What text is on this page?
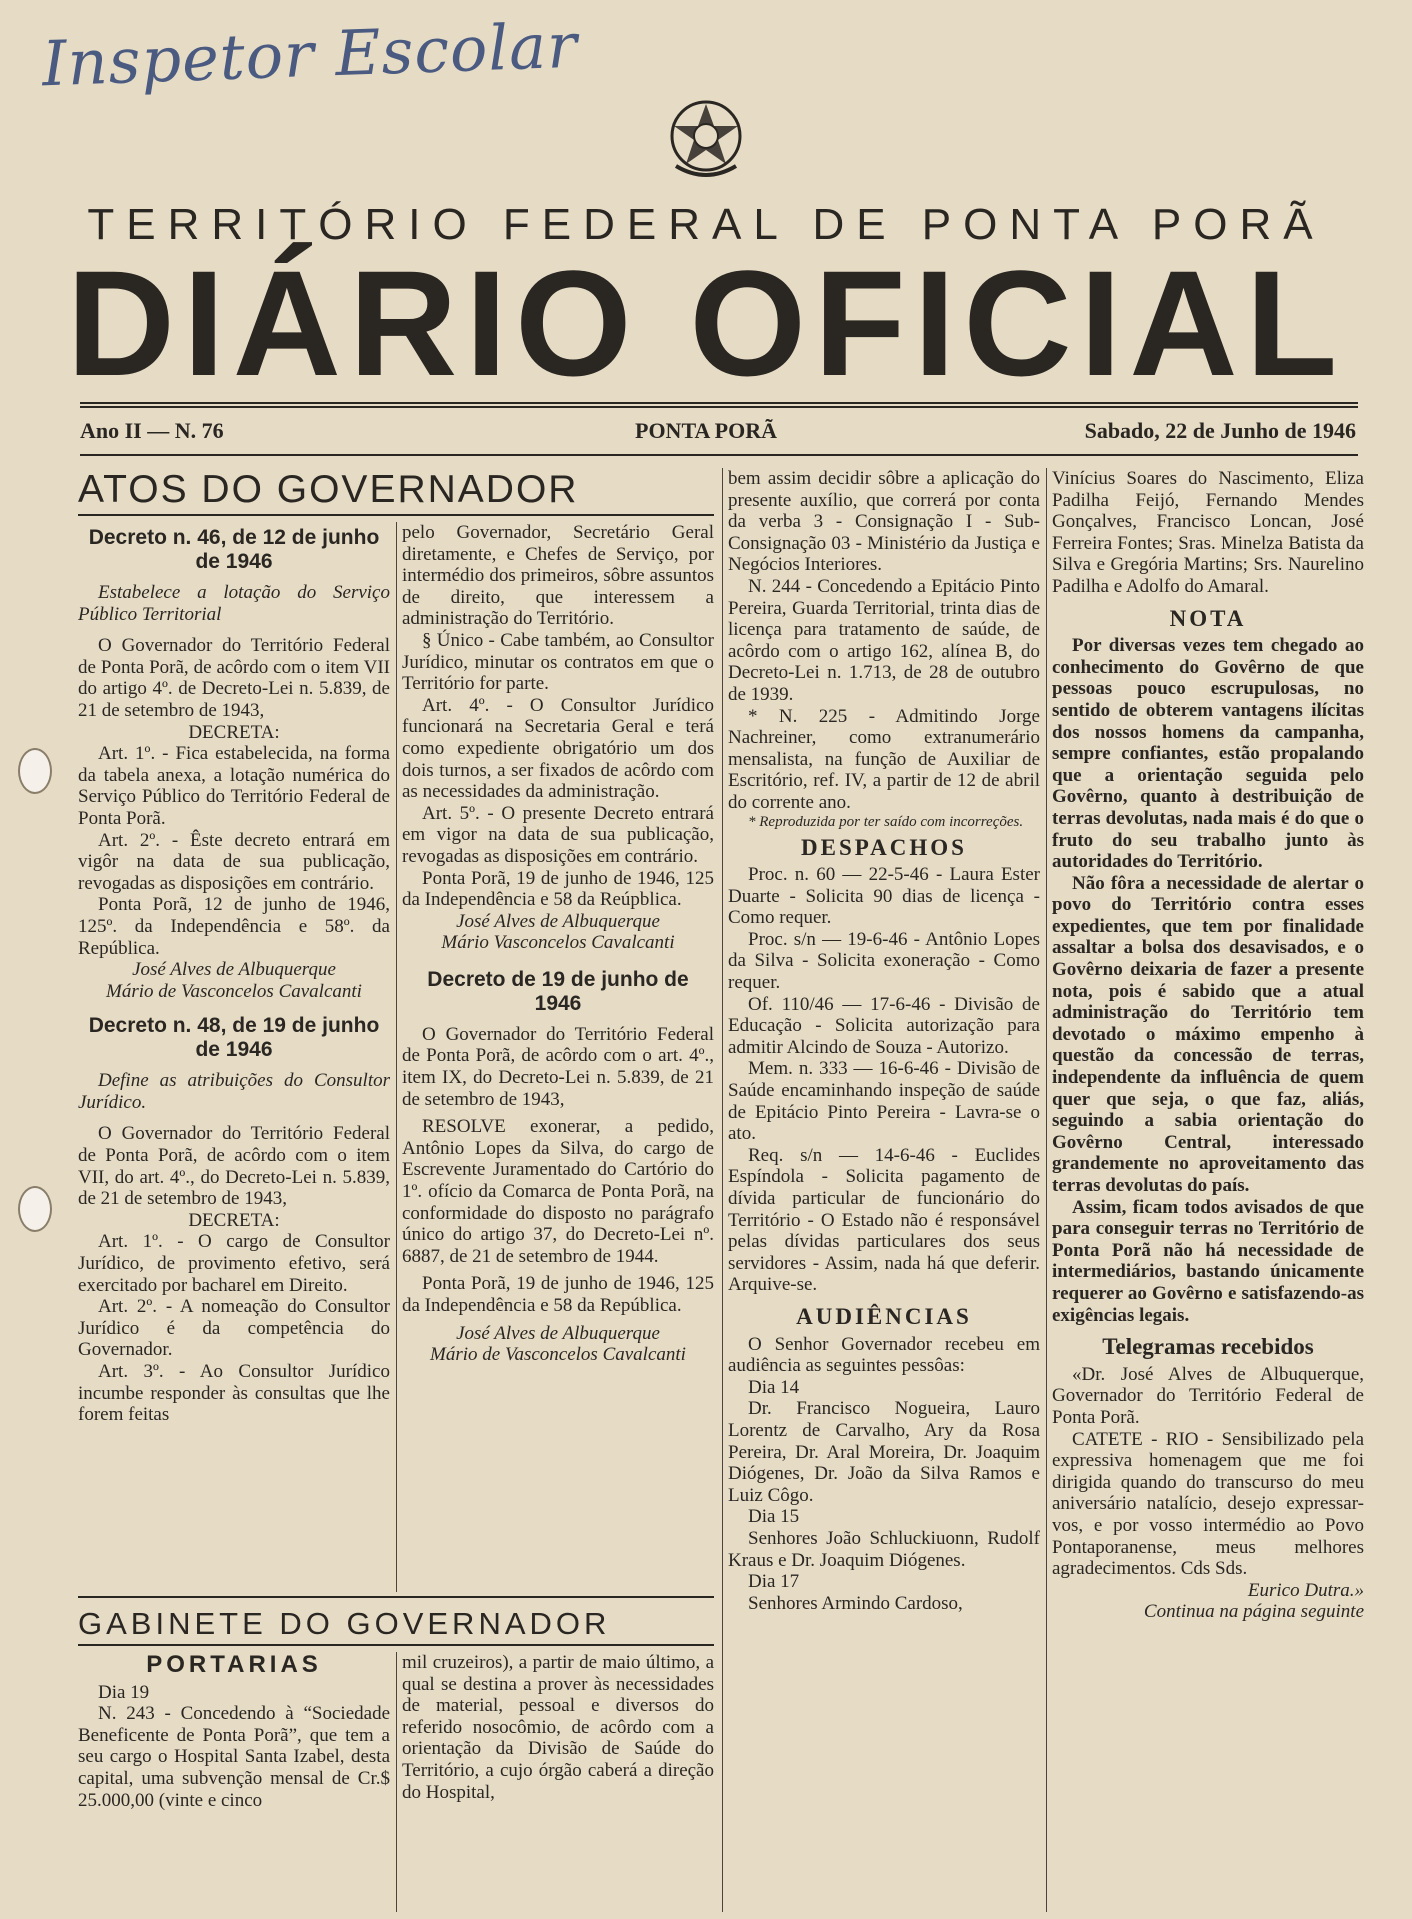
Inspetor Escolar
TERRITÓRIO FEDERAL DE PONTA PORÃ
DIÁRIO OFICIAL
Ano II — N. 76	PONTA PORÃ	Sabado, 22 de Junho de 1946
ATOS DO GOVERNADOR
Decreto n. 46, de 12 de junho de 1946

Estabelece a lotação do Serviço Público Territorial

O Governador do Território Federal de Ponta Porã, de acôrdo com o item VII do artigo 4º. de Decreto-Lei n. 5.839, de 21 de setembro de 1943,

DECRETA:

Art. 1º. - Fica estabelecida, na forma da tabela anexa, a lotação numérica do Serviço Público do Território Federal de Ponta Porã.

Art. 2º. - Êste decreto entrará em vigôr na data de sua publicação, revogadas as disposições em contrário.

Ponta Porã, 12 de junho de 1946, 125º. da Independência e 58º. da República.

José Alves de Albuquerque

Mário de Vasconcelos Cavalcanti

Decreto n. 48, de 19 de junho de 1946

Define as atribuições do Consultor Jurídico.

O Governador do Território Federal de Ponta Porã, de acôrdo com o item VII, do art. 4º., do Decreto-Lei n. 5.839, de 21 de setembro de 1943,

DECRETA:

Art. 1º. - O cargo de Consultor Jurídico, de provimento efetivo, será exercitado por bacharel em Direito.

Art. 2º. - A nomeação do Consultor Jurídico é da competência do Governador.

Art. 3º. - Ao Consultor Jurídico incumbe responder às consultas que lhe forem feitas

pelo Governador, Secretário Geral diretamente, e Chefes de Serviço, por intermédio dos primeiros, sôbre assuntos de direito, que interessem a administração do Território.

§ Único - Cabe também, ao Consultor Jurídico, minutar os contratos em que o Território for parte.

Art. 4º. - O Consultor Jurídico funcionará na Secretaria Geral e terá como expediente obrigatório um dos dois turnos, a ser fixados de acôrdo com as necessidades da administração.

Art. 5º. - O presente Decreto entrará em vigor na data de sua publicação, revogadas as disposições em contrário.

Ponta Porã, 19 de junho de 1946, 125 da Independência e 58 da Reúpblica.

José Alves de Albuquerque

Mário Vasconcelos Cavalcanti

Decreto de 19 de junho de 1946

O Governador do Território Federal de Ponta Porã, de acôrdo com o art. 4º., item IX, do Decreto-Lei n. 5.839, de 21 de setembro de 1943,

RESOLVE exonerar, a pedido, Antônio Lopes da Silva, do cargo de Escrevente Juramentado do Cartório do 1º. ofício da Comarca de Ponta Porã, na conformidade do disposto no parágrafo único do artigo 37, do Decreto-Lei nº. 6887, de 21 de setembro de 1944.

Ponta Porã, 19 de junho de 1946, 125 da Independência e 58 da República.

José Alves de Albuquerque

Mário de Vasconcelos Cavalcanti

GABINETE DO GOVERNADOR
PORTARIAS

Dia 19

N. 243 - Concedendo à “Sociedade Beneficente de Ponta Porã”, que tem a seu cargo o Hospital Santa Izabel, desta capital, uma subvenção mensal de Cr.$ 25.000,00 (vinte e cinco

mil cruzeiros), a partir de maio último, a qual se destina a prover às necessidades de material, pessoal e diversos do referido nosocômio, de acôrdo com a orientação da Divisão de Saúde do Território, a cujo órgão caberá a direção do Hospital,

bem assim decidir sôbre a aplicação do presente auxílio, que correrá por conta da verba 3 - Consignação I - Sub-Consignação 03 - Ministério da Justiça e Negócios Interiores.

N. 244 - Concedendo a Epitácio Pinto Pereira, Guarda Territorial, trinta dias de licença para tratamento de saúde, de acôrdo com o artigo 162, alínea B, do Decreto-Lei n. 1.713, de 28 de outubro de 1939.

* N. 225 - Admitindo Jorge Nachreiner, como extranumerário mensalista, na função de Auxiliar de Escritório, ref. IV, a partir de 12 de abril do corrente ano.

* Reproduzida por ter saído com incorreções.

DESPACHOS

Proc. n. 60 — 22-5-46 - Laura Ester Duarte - Solicita 90 dias de licença - Como requer.

Proc. s/n — 19-6-46 - Antônio Lopes da Silva - Solicita exoneração - Como requer.

Of. 110/46 — 17-6-46 - Divisão de Educação - Solicita autorização para admitir Alcindo de Souza - Autorizo.

Mem. n. 333 — 16-6-46 - Divisão de Saúde encaminhando inspeção de saúde de Epitácio Pinto Pereira - Lavra-se o ato.

Req. s/n — 14-6-46 - Euclides Espíndola - Solicita pagamento de dívida particular de funcionário do Território - O Estado não é responsável pelas dívidas particulares dos seus servidores - Assim, nada há que deferir. Arquive-se.

AUDIÊNCIAS

O Senhor Governador recebeu em audiência as seguintes pessôas:

Dia 14

Dr. Francisco Nogueira, Lauro Lorentz de Carvalho, Ary da Rosa Pereira, Dr. Aral Moreira, Dr. Joaquim Diógenes, Dr. João da Silva Ramos e Luiz Côgo.

Dia 15

Senhores João Schluckiuonn, Rudolf Kraus e Dr. Joaquim Diógenes.

Dia 17

Senhores Armindo Cardoso,

Vinícius Soares do Nascimento, Eliza Padilha Feijó, Fernando Mendes Gonçalves, Francisco Loncan, José Ferreira Fontes; Sras. Minelza Batista da Silva e Gregória Martins; Srs. Naurelino Padilha e Adolfo do Amaral.

NOTA

Por diversas vezes tem chegado ao conhecimento do Govêrno de que pessoas pouco escrupulosas, no sentido de obterem vantagens ilícitas dos nossos homens da campanha, sempre confiantes, estão propalando que a orientação seguida pelo Govêrno, quanto à destribuição de terras devolutas, nada mais é do que o fruto do seu trabalho junto às autoridades do Território.

Não fôra a necessidade de alertar o povo do Território contra esses expedientes, que tem por finalidade assaltar a bolsa dos desavisados, e o Govêrno deixaria de fazer a presente nota, pois é sabido que a atual administração do Território tem devotado o máximo empenho à questão da concessão de terras, independente da influência de quem quer que seja, o que faz, aliás, seguindo a sabia orientação do Govêrno Central, interessado grandemente no aproveitamento das terras devolutas do país.

Assim, ficam todos avisados de que para conseguir terras no Território de Ponta Porã não há necessidade de intermediários, bastando únicamente requerer ao Govêrno e satisfazendo-as exigências legais.

Telegramas recebidos

«Dr. José Alves de Albuquerque, Governador do Território Federal de Ponta Porã.

CATETE - RIO - Sensibilizado pela expressiva homenagem que me foi dirigida quando do transcurso do meu aniversário natalício, desejo expressar-vos, e por vosso intermédio ao Povo Pontaporanense, meus melhores agradecimentos. Cds Sds.

Eurico Dutra.»

Continua na página seguinte
